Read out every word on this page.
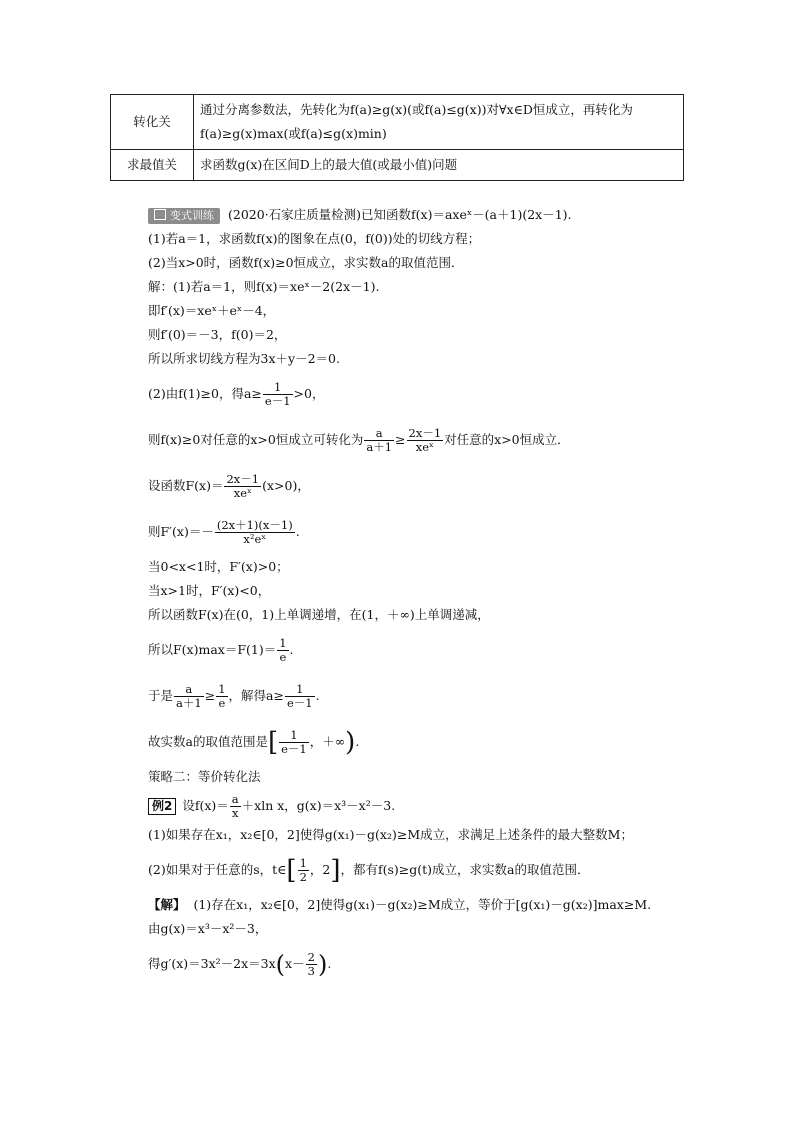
转化关	通过分离参数法，先转化为f(a)≥g(x)(或f(a)≤g(x))对∀x∈D恒成立，再转化为f(a)≥g(x)max(或f(a)≤g(x)min)
求最值关	求函数g(x)在区间D上的最大值(或最小值)问题
变式训练 (2020·石家庄质量检测)已知函数f(x)＝axeˣ－(a＋1)(2x－1).
(1)若a＝1，求函数f(x)的图象在点(0，f(0))处的切线方程；
(2)当x>0时，函数f(x)≥0恒成立，求实数a的取值范围．
解：(1)若a＝1，则f(x)＝xeˣ－2(2x－1).
即f′(x)＝xeˣ＋eˣ－4，
则f′(0)＝－3，f(0)＝2，
所以所求切线方程为3x＋y－2＝0.
(2)由f(1)≥0，得$a\ge \frac{1}{e-1} >0$，
则f(x)≥0对任意的x>0恒成立可转化为 $\frac{a}{a+1} \ge \frac{2x-1}{\text{xeˣ}}$ 对任意的x>0恒成立．
设函数$F(x)= \frac{2x-1}{\text{xeˣ}} (x>0)$，
则$F'(x)=- \frac{(2x+1)(x-1)}{\text{x²eˣ}}$ .
当0<x<1时，F′(x)>0；
当x>1时，F′(x)<0，
所以函数F(x)在(0，1)上单调递增，在(1，＋∞)上单调递减，
所以$F(x)\max=F(1)= \frac{1}{e}$ .
于是 $\frac{a}{a+1} \ge \frac{1}{e}$ ，解得$a\ge \frac{1}{e-1}$ .
故实数a的取值范围是[ $\frac{1}{e-1}$ ，＋∞).
策略二：等价转化法
例2 设$f(x)= \frac{a}{x} +xln$ x，g(x)＝x³－x²－3.
(1)如果存在x₁，x₂∈[0，2]使得g(x₁)－g(x₂)≥M成立，求满足上述条件的最大整数M；
(2)如果对于任意的s，t∈[ $\frac{1}{2}$ ，2]，都有f(s)≥g(t)成立，求实数a的取值范围．
【解】 (1)存在x₁，x₂∈[0，2]使得g(x₁)－g(x₂)≥M成立，等价于[g(x₁)－g(x₂)]max≥M.
由g(x)＝x³－x²－3，
得$g'(x)=3x^2-2x=3x(x- \frac{2}{3}$ ).
